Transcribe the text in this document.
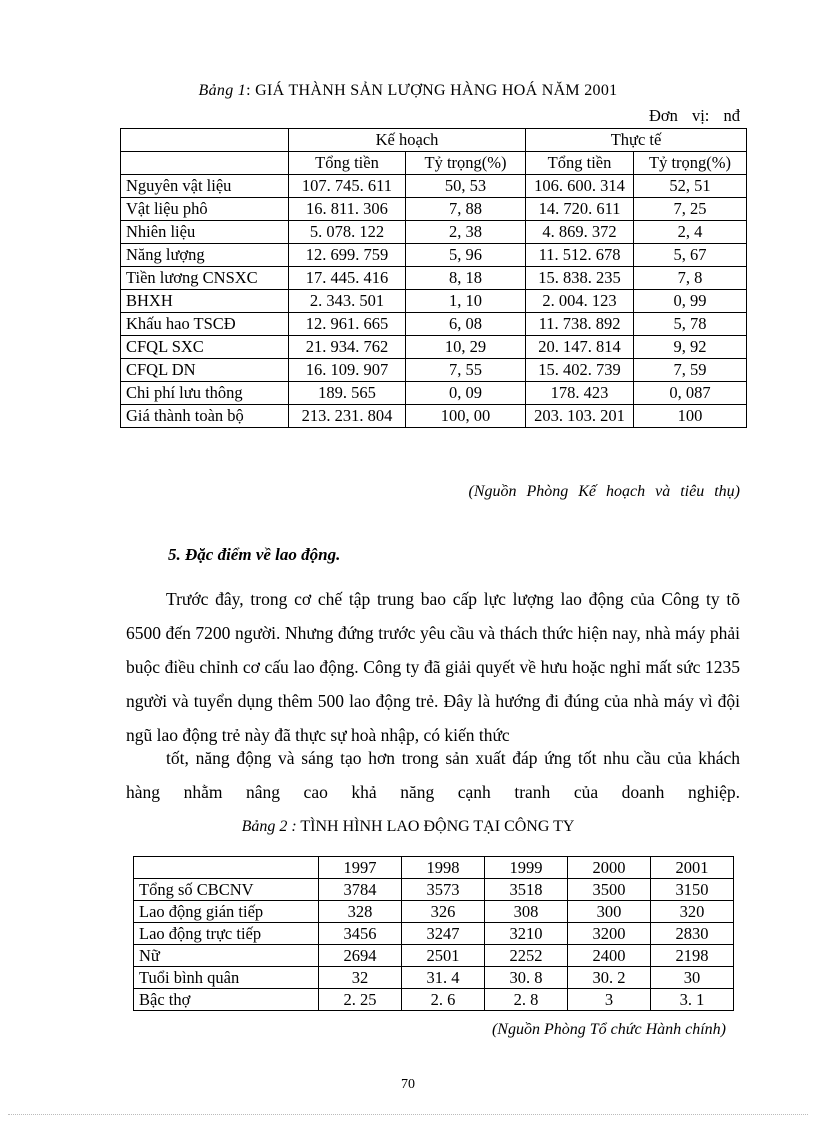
Bảng 1: GIÁ THÀNH SẢN LƯỢNG HÀNG HOÁ NĂM 2001
Đơn vị: nđ
	Kế hoạch		Thực tế	
	Tổng tiền	Tỷ trọng(%)	Tổng tiền	Tỷ trọng(%)
Nguyên vật liệu	107. 745. 611	50, 53	106. 600. 314	52, 51
Vật liệu phô	16. 811. 306	7, 88	14. 720. 611	7, 25
Nhiên liệu	5. 078. 122	2, 38	4. 869. 372	2, 4
Năng lượng	12. 699. 759	5, 96	11. 512. 678	5, 67
Tiền lương CNSXC	17. 445. 416	8, 18	15. 838. 235	7, 8
BHXH	2. 343. 501	1, 10	2. 004. 123	0, 99
Khấu hao TSCĐ	12. 961. 665	6, 08	11. 738. 892	5, 78
CFQL SXC	21. 934. 762	10, 29	20. 147. 814	9, 92
CFQL DN	16. 109. 907	7, 55	15. 402. 739	7, 59
Chi phí lưu thông	189. 565	0, 09	178. 423	0, 087
Giá thành toàn bộ	213. 231. 804	100, 00	203. 103. 201	100
(Nguồn Phòng Kế hoạch và tiêu thụ)
5. Đặc điểm về lao động.
Trước đây, trong cơ chế tập trung bao cấp lực lượng lao động của Công ty tõ 6500 đến 7200 người. Nhưng đứng trước yêu cầu và thách thức hiện nay, nhà máy phải buộc điều chỉnh cơ cấu lao động. Công ty đã giải quyết về hưu hoặc nghỉ mất sức 1235 người và tuyển dụng thêm 500 lao động trẻ. Đây là hướng đi đúng của nhà máy vì đội ngũ lao động trẻ này đã thực sự hoà nhập, có kiến thức
tốt, năng động và sáng tạo hơn trong sản xuất đáp ứng tốt nhu cầu của khách hàng nhằm nâng cao khả năng cạnh tranh của doanh nghiệp.
Bảng 2 : TÌNH HÌNH LAO ĐỘNG TẠI CÔNG TY
	1997	1998	1999	2000	2001
Tổng số CBCNV	3784	3573	3518	3500	3150
Lao động gián tiếp	328	326	308	300	320
Lao động trực tiếp	3456	3247	3210	3200	2830
Nữ	2694	2501	2252	2400	2198
Tuổi bình quân	32	31. 4	30. 8	30. 2	30
Bậc thợ	2. 25	2. 6	2. 8	3	3. 1
(Nguồn Phòng Tổ chức Hành chính)
70
